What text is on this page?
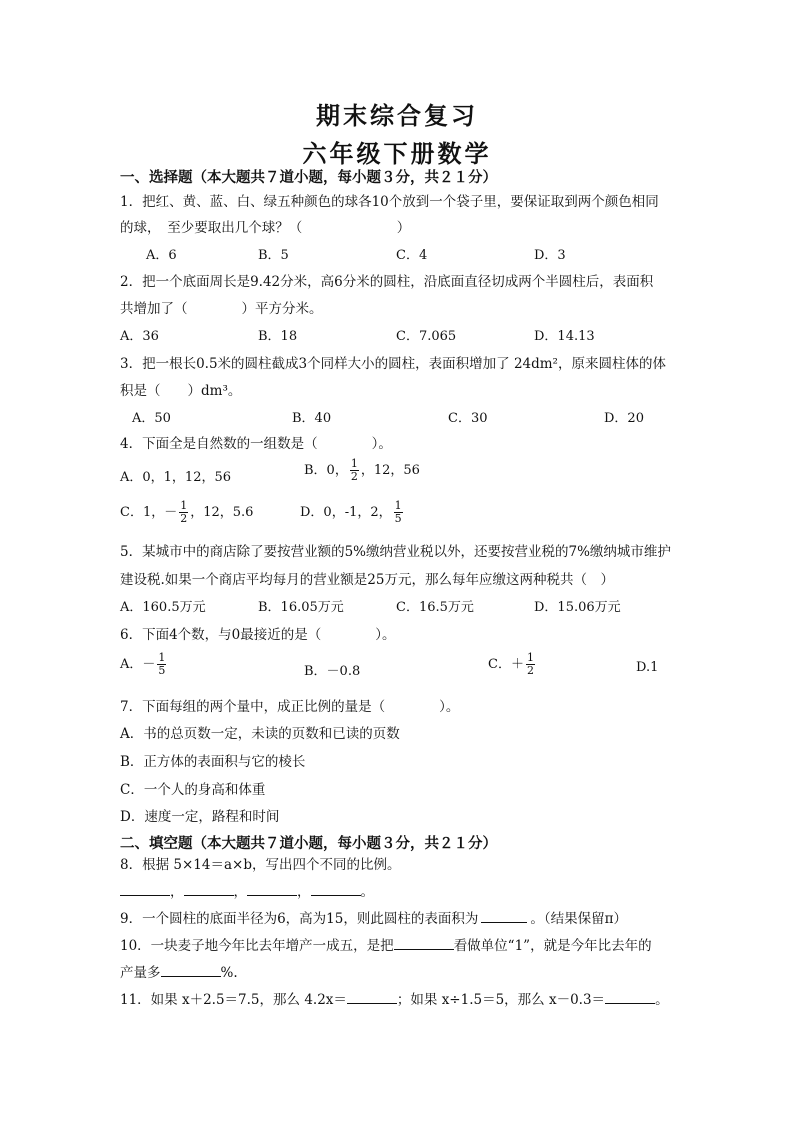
期末综合复习
六年级下册数学
一、选择题（本大题共７道小题，每小题３分，共２１分）
1．把红、黄、蓝、白、绿五种颜色的球各10个放到一个袋子里，要保证取到两个颜色相同
的球，　至少要取出几个球？（　　　　　　　）
A．6	B．5	C．4	D．3
2．把一个底面周长是9.42分米，高6分米的圆柱，沿底面直径切成两个半圆柱后，表面积
共增加了（　　　　）平方分米。
A．36	B．18	C．7.065	D．14.13
3．把一根长0.5米的圆柱截成3个同样大小的圆柱，表面积增加了 24dm²，原来圆柱体的体
积是（　　）dm³。
A．50	B．40	C．30	D．20
4．下面全是自然数的一组数是（　　　　）。
A．0，1，12，56	B．0， $\frac{1}{2}$ ，12，56
C．1，－ $\frac{1}{2}$ ，12，5.6	D．0，-1，2， $\frac{1}{5}$
5．某城市中的商店除了要按营业额的5%缴纳营业税以外，还要按营业税的7%缴纳城市维护
建设税.如果一个商店平均每月的营业额是25万元，那么每年应缴这两种税共（　）
A．160.5万元	B．16.05万元	C．16.5万元	D．15.06万元
6．下面4个数，与0最接近的是（　　　　）。
A．－ $\frac{1}{5}$	B．－0.8	C．＋ $\frac{1}{2}$	D.1
7．下面每组的两个量中，成正比例的量是（　　　　）。
A．书的总页数一定，未读的页数和已读的页数
B．正方体的表面积与它的棱长
C．一个人的身高和体重
D．速度一定，路程和时间
二、填空题（本大题共７道小题，每小题３分，共２１分）
8．根据 5×14＝a×b，写出四个不同的比例。
，	，	，	。
9．一个圆柱的底面半径为6，高为15，则此圆柱的表面积为	。（结果保留π）
10．一块麦子地今年比去年增产一成五，是把	看做单位“1”，就是今年比去年的
产量多	%.
11．如果 x＋2.5＝7.5，那么 4.2x＝	；如果 x÷1.5＝5，那么 x－0.3＝	。
